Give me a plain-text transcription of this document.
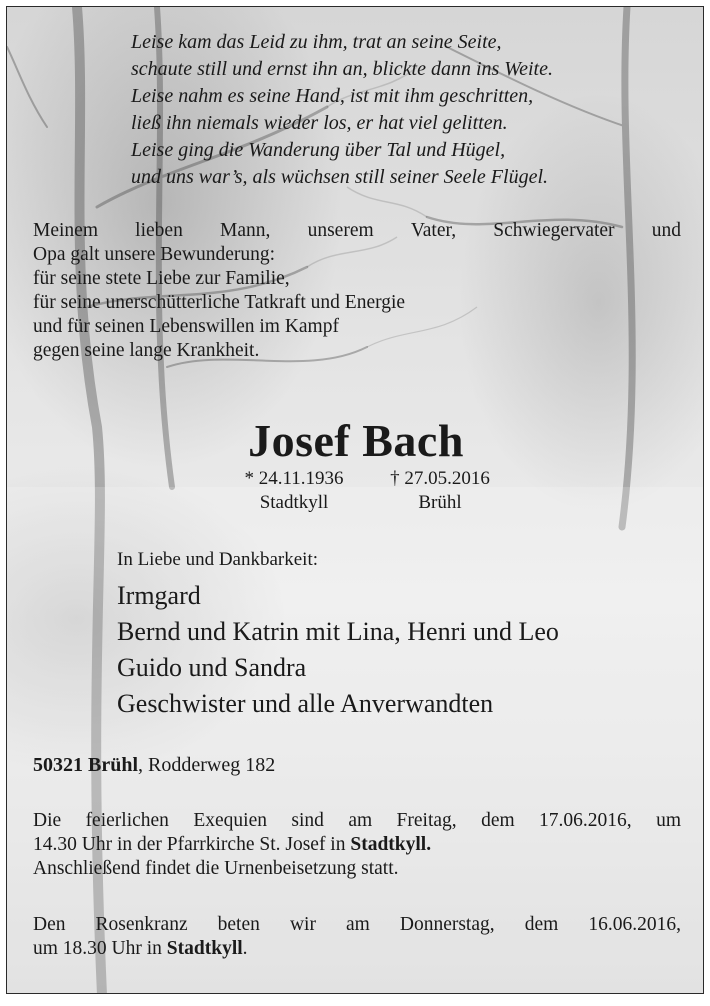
Leise kam das Leid zu ihm, trat an seine Seite,
schaute still und ernst ihn an, blickte dann ins Weite.
Leise nahm es seine Hand, ist mit ihm geschritten,
ließ ihn niemals wieder los, er hat viel gelitten.
Leise ging die Wanderung über Tal und Hügel,
und uns war’s, als wüchsen still seiner Seele Flügel.
Meinem lieben Mann, unserem Vater, Schwiegervater und
Opa galt unsere Bewunderung:
für seine stete Liebe zur Familie,
für seine unerschütterliche Tatkraft und Energie
und für seinen Lebenswillen im Kampf
gegen seine lange Krankheit.
Josef Bach
* 24.11.1936	† 27.05.2016
Stadtkyll	Brühl
In Liebe und Dankbarkeit:
Irmgard
Bernd und Katrin mit Lina, Henri und Leo
Guido und Sandra
Geschwister und alle Anverwandten
50321 Brühl, Rodderweg 182
Die feierlichen Exequien sind am Freitag, dem 17.06.2016, um
14.30 Uhr in der Pfarrkirche St. Josef in Stadtkyll.
Anschließend findet die Urnenbeisetzung statt.
Den Rosenkranz beten wir am Donnerstag, dem 16.06.2016,
um 18.30 Uhr in Stadtkyll.
